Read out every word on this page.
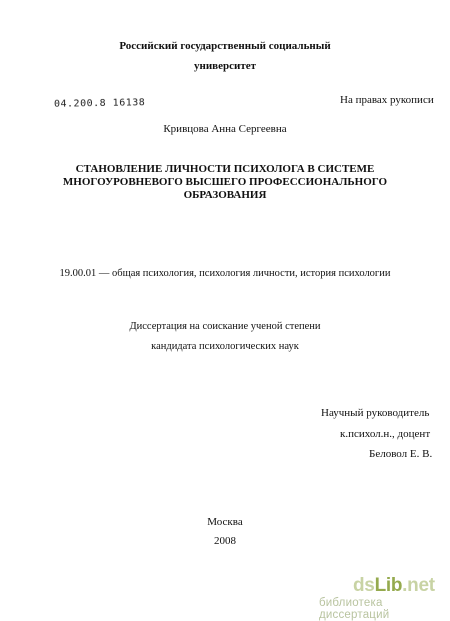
Российский государственный социальный
университет
04.200.8 16138	На правах рукописи
Кривцова Анна Сергеевна
СТАНОВЛЕНИЕ ЛИЧНОСТИ ПСИХОЛОГА В СИСТЕМЕ
МНОГОУРОВНЕВОГО ВЫСШЕГО ПРОФЕССИОНАЛЬНОГО
ОБРАЗОВАНИЯ
19.00.01 — общая психология, психология личности, история психологии
Диссертация на соискание ученой степени
кандидата психологических наук
Научный руководитель
к.психол.н., доцент
Беловол Е. В.
Москва
2008
dsLib.net
библиотека диссертаций
